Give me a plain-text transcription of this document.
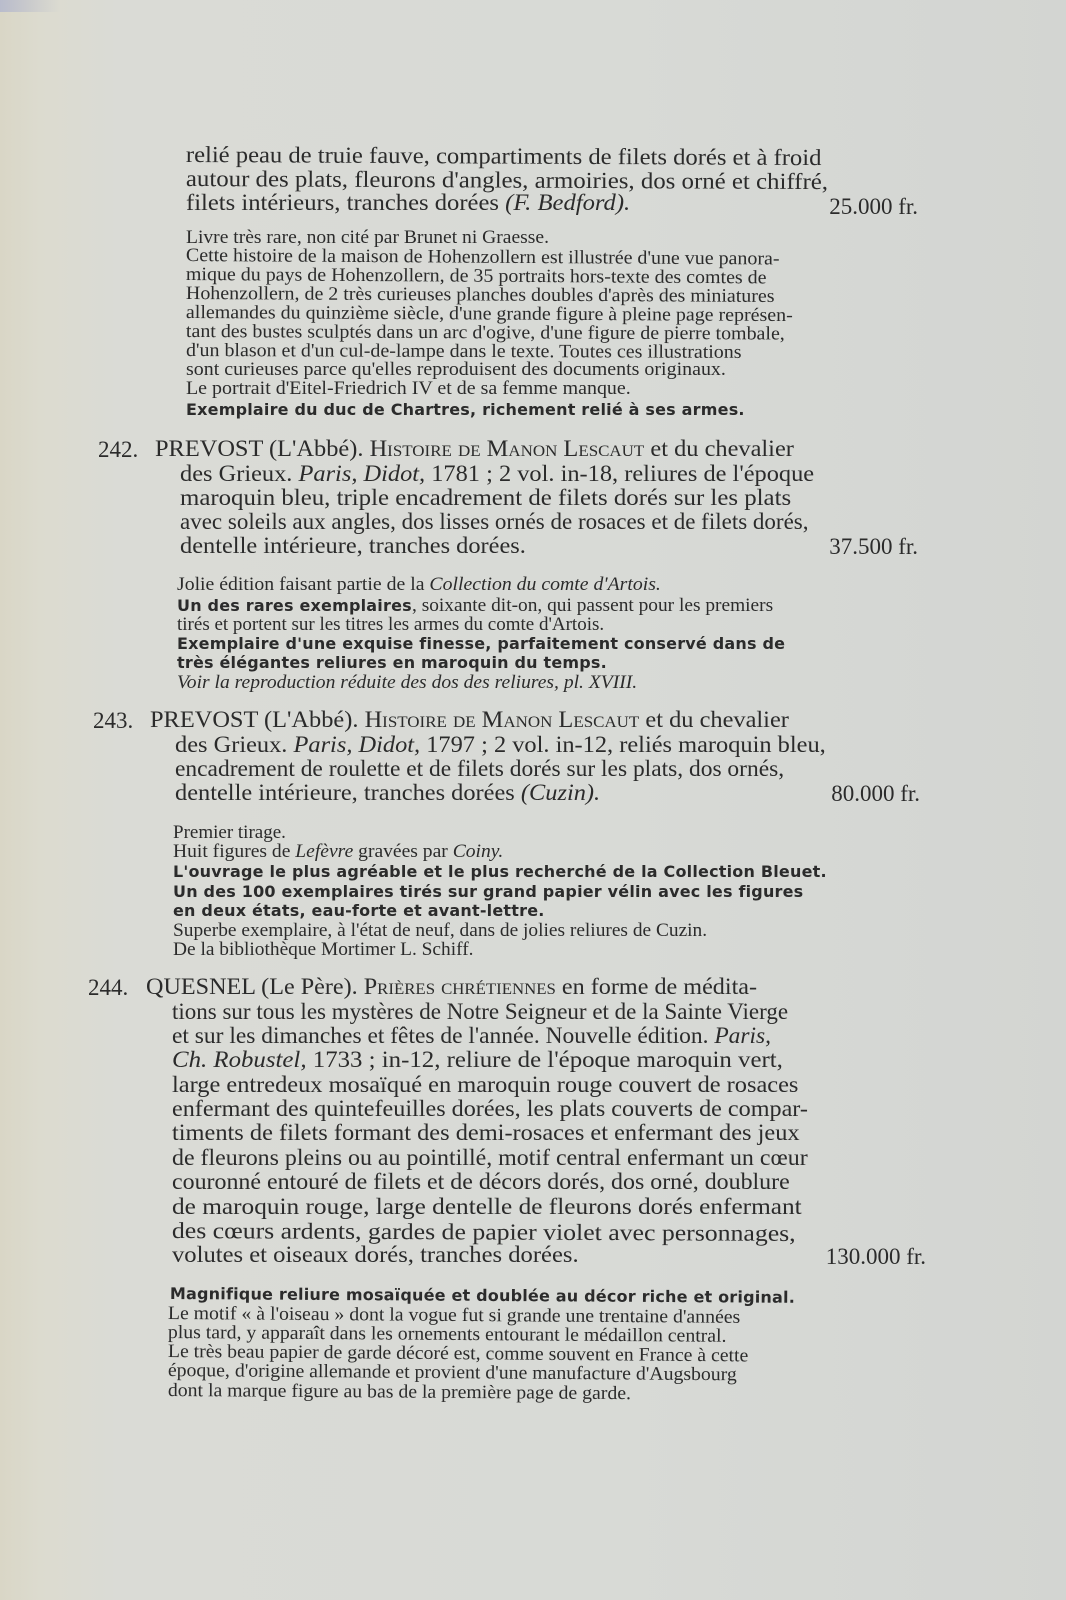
relié peau de truie fauve, compartiments de filets dorés et à froid
autour des plats, fleurons d'angles, armoiries, dos orné et chiffré,
filets intérieurs, tranches dorées (F. Bedford).	25.000 fr.
Livre très rare, non cité par Brunet ni Graesse.
Cette histoire de la maison de Hohenzollern est illustrée d'une vue panora-
mique du pays de Hohenzollern, de 35 portraits hors-texte des comtes de
Hohenzollern, de 2 très curieuses planches doubles d'après des miniatures
allemandes du quinzième siècle, d'une grande figure à pleine page représen-
tant des bustes sculptés dans un arc d'ogive, d'une figure de pierre tombale,
d'un blason et d'un cul-de-lampe dans le texte. Toutes ces illustrations
sont curieuses parce qu'elles reproduisent des documents originaux.
Le portrait d'Eitel-Friedrich IV et de sa femme manque.
Exemplaire du duc de Chartres, richement relié à ses armes.
242. PREVOST (L'Abbé). Histoire de Manon Lescaut et du chevalier
des Grieux. Paris, Didot, 1781 ; 2 vol. in-18, reliures de l'époque
maroquin bleu, triple encadrement de filets dorés sur les plats
avec soleils aux angles, dos lisses ornés de rosaces et de filets dorés,
dentelle intérieure, tranches dorées.	37.500 fr.
Jolie édition faisant partie de la Collection du comte d'Artois.
Un des rares exemplaires, soixante dit-on, qui passent pour les premiers
tirés et portent sur les titres les armes du comte d'Artois.
Exemplaire d'une exquise finesse, parfaitement conservé dans de
très élégantes reliures en maroquin du temps.
Voir la reproduction réduite des dos des reliures, pl. XVIII.
243. PREVOST (L'Abbé). Histoire de Manon Lescaut et du chevalier
des Grieux. Paris, Didot, 1797 ; 2 vol. in-12, reliés maroquin bleu,
encadrement de roulette et de filets dorés sur les plats, dos ornés,
dentelle intérieure, tranches dorées (Cuzin).	80.000 fr.
Premier tirage.
Huit figures de Lefèvre gravées par Coiny.
L'ouvrage le plus agréable et le plus recherché de la Collection Bleuet.
Un des 100 exemplaires tirés sur grand papier vélin avec les figures
en deux états, eau-forte et avant-lettre.
Superbe exemplaire, à l'état de neuf, dans de jolies reliures de Cuzin.
De la bibliothèque Mortimer L. Schiff.
244. QUESNEL (Le Père). Prières chrétiennes en forme de médita-
tions sur tous les mystères de Notre Seigneur et de la Sainte Vierge
et sur les dimanches et fêtes de l'année. Nouvelle édition. Paris,
Ch. Robustel, 1733 ; in-12, reliure de l'époque maroquin vert,
large entredeux mosaïqué en maroquin rouge couvert de rosaces
enfermant des quintefeuilles dorées, les plats couverts de compar-
timents de filets formant des demi-rosaces et enfermant des jeux
de fleurons pleins ou au pointillé, motif central enfermant un cœur
couronné entouré de filets et de décors dorés, dos orné, doublure
de maroquin rouge, large dentelle de fleurons dorés enfermant
des cœurs ardents, gardes de papier violet avec personnages,
volutes et oiseaux dorés, tranches dorées.	130.000 fr.
Magnifique reliure mosaïquée et doublée au décor riche et original.
Le motif « à l'oiseau » dont la vogue fut si grande une trentaine d'années
plus tard, y apparaît dans les ornements entourant le médaillon central.
Le très beau papier de garde décoré est, comme souvent en France à cette
époque, d'origine allemande et provient d'une manufacture d'Augsbourg
dont la marque figure au bas de la première page de garde.
